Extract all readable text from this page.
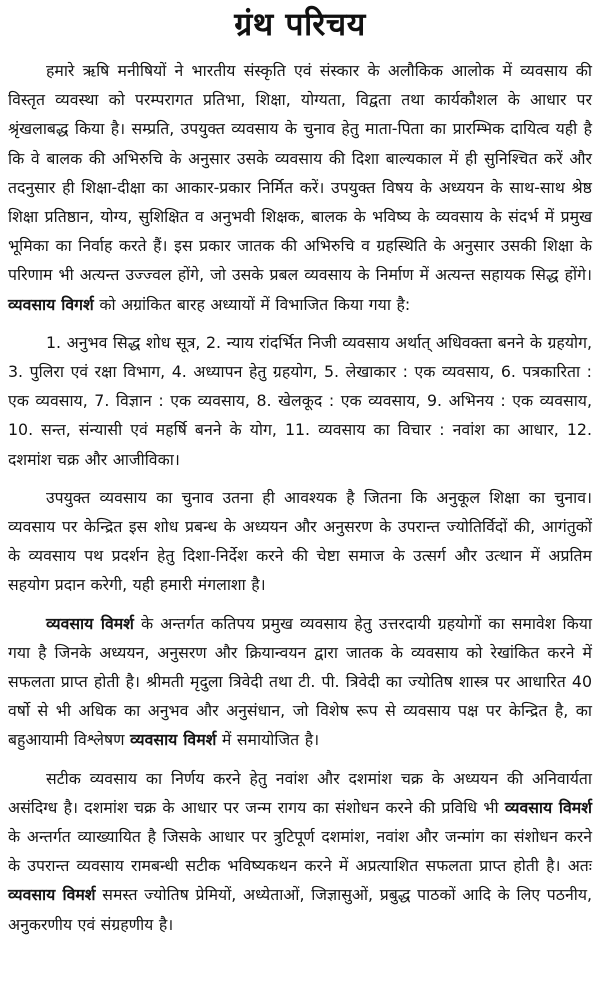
ग्रंथ परिचय

हमारे ऋषि मनीषियों ने भारतीय संस्कृति एवं संस्कार के अलौकिक आलोक में व्यवसाय की विस्तृत व्यवस्था को परम्परागत प्रतिभा, शिक्षा, योग्यता, विद्वता तथा कार्यकौशल के आधार पर श्रृंखलाबद्ध किया है। सम्प्रति, उपयुक्त व्यवसाय के चुनाव हेतु माता-पिता का प्रारम्भिक दायित्व यही है कि वे बालक की अभिरुचि के अनुसार उसके व्यवसाय की दिशा बाल्यकाल में ही सुनिश्चित करें और तदनुसार ही शिक्षा-दीक्षा का आकार-प्रकार निर्मित करें। उपयुक्त विषय के अध्ययन के साथ-साथ श्रेष्ठ शिक्षा प्रतिष्ठान, योग्य, सुशिक्षित व अनुभवी शिक्षक, बालक के भविष्य के व्यवसाय के संदर्भ में प्रमुख भूमिका का निर्वाह करते हैं। इस प्रकार जातक की अभिरुचि व ग्रहस्थिति के अनुसार उसकी शिक्षा के परिणाम भी अत्यन्त उज्ज्वल होंगे, जो उसके प्रबल व्यवसाय के निर्माण में अत्यन्त सहायक सिद्ध होंगे। व्यवसाय विगर्श को अग्रांकित बारह अध्यायों में विभाजित किया गया है:

1. अनुभव सिद्ध शोध सूत्र, 2. न्याय रांदर्भित निजी व्यवसाय अर्थात् अधिवक्ता बनने के ग्रहयोग, 3. पुलिरा एवं रक्षा विभाग, 4. अध्यापन हेतु ग्रहयोग, 5. लेखाकार : एक व्यवसाय, 6. पत्रकारिता : एक व्यवसाय, 7. विज्ञान : एक व्यवसाय, 8. खेलकूद : एक व्यवसाय, 9. अभिनय : एक व्यवसाय, 10. सन्त, संन्यासी एवं महर्षि बनने के योग, 11. व्यवसाय का विचार : नवांश का आधार, 12. दशमांश चक्र और आजीविका।

उपयुक्त व्यवसाय का चुनाव उतना ही आवश्यक है जितना कि अनुकूल शिक्षा का चुनाव। व्यवसाय पर केन्द्रित इस शोध प्रबन्ध के अध्ययन और अनुसरण के उपरान्त ज्योतिर्विदों की, आगंतुकों के व्यवसाय पथ प्रदर्शन हेतु दिशा-निर्देश करने की चेष्टा समाज के उत्सर्ग और उत्थान में अप्रतिम सहयोग प्रदान करेगी, यही हमारी मंगलाशा है।

व्यवसाय विमर्श के अन्तर्गत कतिपय प्रमुख व्यवसाय हेतु उत्तरदायी ग्रहयोगों का समावेश किया गया है जिनके अध्ययन, अनुसरण और क्रियान्वयन द्वारा जातक के व्यवसाय को रेखांकित करने में सफलता प्राप्त होती है। श्रीमती मृदुला त्रिवेदी तथा टी. पी. त्रिवेदी का ज्योतिष शास्त्र पर आधारित 40 वर्षो से भी अधिक का अनुभव और अनुसंधान, जो विशेष रूप से व्यवसाय पक्ष पर केन्द्रित है, का बहुआयामी विश्लेषण व्यवसाय विमर्श में समायोजित है।

सटीक व्यवसाय का निर्णय करने हेतु नवांश और दशमांश चक्र के अध्ययन की अनिवार्यता असंदिग्ध है। दशमांश चक्र के आधार पर जन्म रागय का संशोधन करने की प्रविधि भी व्यवसाय विमर्श के अन्तर्गत व्याख्यायित है जिसके आधार पर त्रुटिपूर्ण दशमांश, नवांश और जन्मांग का संशोधन करने के उपरान्त व्यवसाय रामबन्धी सटीक भविष्यकथन करने में अप्रत्याशित सफलता प्राप्त होती है। अतः व्यवसाय विमर्श समस्त ज्योतिष प्रेमियों, अध्येताओं, जिज्ञासुओं, प्रबुद्ध पाठकों आदि के लिए पठनीय, अनुकरणीय एवं संग्रहणीय है।
